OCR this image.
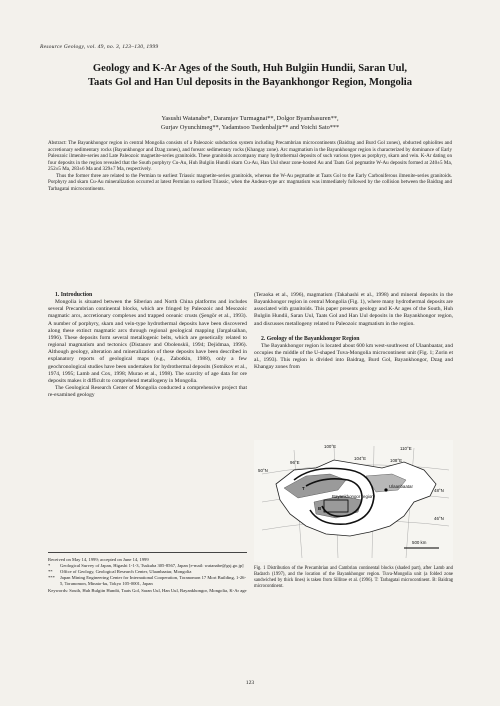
Resource Geology, vol. 49, no. 3, 123–130, 1999
Geology and K-Ar Ages of the South, Huh Bulgiin Hundii, Saran Uul,
Taats Gol and Han Uul deposits in the Bayankhongor Region, Mongolia
Yasushi Watanabe*, Daramjav Turmagnai**, Dolgor Byambasuren**,
Gurjav Oyunchimeg**, Yadamtsoo Tsedenbaljir** and Yoichi Sato***

Abstract: The Bayankhongor region in central Mongolia consists of a Paleozoic subduction system including Precambrian microcontinents (Baidrag and Burd Gol zones), obducted ophiolites and accretionary sedimentary rocks (Bayankhongor and Dzag zones), and forearc sedimentary rocks (Khangay zone). Arc magmatism in the Bayankhongor region is characterized by dominance of Early Paleozoic ilmenite-series and Late Paleozoic magnetite-series granitoids. These granitoids accompany many hydrothermal deposits of such various types as porphyry, skarn and vein. K-Ar dating on four deposits in the region revealed that the South porphyry Cu-Au, Huh Bulgiin Hundii skarn Cu-Au, Han Uul shear zone-hosted Au and Taats Gol pegmatite W-Au deposits formed at 240±5 Ma, 252±5 Ma, 283±6 Ma and 329±7 Ma, respectively.

Thus the former three are related to the Permian to earliest Triassic magnetite-series granitoids, whereas the W-Au pegmatite at Taats Gol to the Early Carboniferous ilmenite-series granitoids. Porphyry and skarn Cu-Au mineralization occurred at latest Permian to earliest Triassic, when the Andean-type arc magmatism was immediately followed by the collision between the Baidrag and Tarbagatai microcontinents.

1. Introduction

Mongolia is situated between the Siberian and North China platforms and includes several Precambrian continental blocks, which are fringed by Paleozoic and Mesozoic magmatic arcs, accretionary complexes and trapped oceanic crusts (Şengör et al., 1993). A number of porphyry, skarn and vein-type hydrothermal deposits have been discovered along these extinct magmatic arcs through regional geological mapping (Jargalsaihan, 1996). These deposits form several metallogenic belts, which are genetically related to regional magmatism and tectonics (Distanov and Obolenskii, 1994; Dejidmaa, 1996). Although geology, alteration and mineralization of these deposits have been described in explanatory reports of geological maps (e.g., Zabotkin, 1988), only a few geochronological studies have been undertaken for hydrothermal deposits (Sotnikov et al., 1974, 1995; Lamb and Cox, 1998; Murao et al., 1998). The scarcity of age data for ore deposits makes it difficult to comprehend metallogeny in Mongolia.

The Geological Research Center of Mongolia conducted a comprehensive project that re-examined geology

(Teraoka et al., 1996), magmatism (Takahashi et al., 1998) and mineral deposits in the Bayankhongor region in central Mongolia (Fig. 1), where many hydrothermal deposits are associated with granitoids. This paper presents geology and K-Ar ages of the South, Huh Bulgiin Hundii, Saran Uul, Taats Gol and Han Uul deposits in the Bayankhongor region, and discusses metallogeny related to Paleozoic magmatism in the region.

2. Geology of the Bayankhongor Region

The Bayankhongor region is located about 600 km west-southwest of Ulaanbaatar, and occupies the middle of the U-shaped Tuva-Mongolia microcontinent unit (Fig. 1; Zorin et al., 1993). This region is divided into Baidrag, Burd Gol, Bayankhongor, Dzag and Khangay zones from

Received on May 14, 1999; accepted on June 14, 1999
*	Geological Survey of Japan, Higashi 1-1-3, Tsukuba 305-8567, Japan [e-mail: watanabe@gsj.go.jp]
**	Office of Geology, Geological Research Center, Ulaanbaatar, Mongolia
***	Japan Mining Engineering Center for International Cooperation, Toranomon 17 Mori Building, 1-26-5, Toranomon, Minato-ku, Tokyo 105-0001, Japan
Keywords: South, Huh Bulgiin Hundii, Taats Gol, Saran Uul, Han Uul, Bayankhongor, Mongolia, K-Ar age
50°N
100°E	110°E
96°E
104°E	108°E
48°N
46°N
Ulaanbaatar
Bayankhongor region
500 km
T
B
Fig. 1 Distribution of the Precambrian and Cambrian continental blocks (shaded part), after Lamb and Badarch (1997), and the location of the Bayankhongor region. Tuva-Mongolia unit (a folded zone sandwiched by thick lines) is taken from Sillitoe et al. (1996). T: Tarbagatai microcontinent. B: Baidrag microcontinent.
123
